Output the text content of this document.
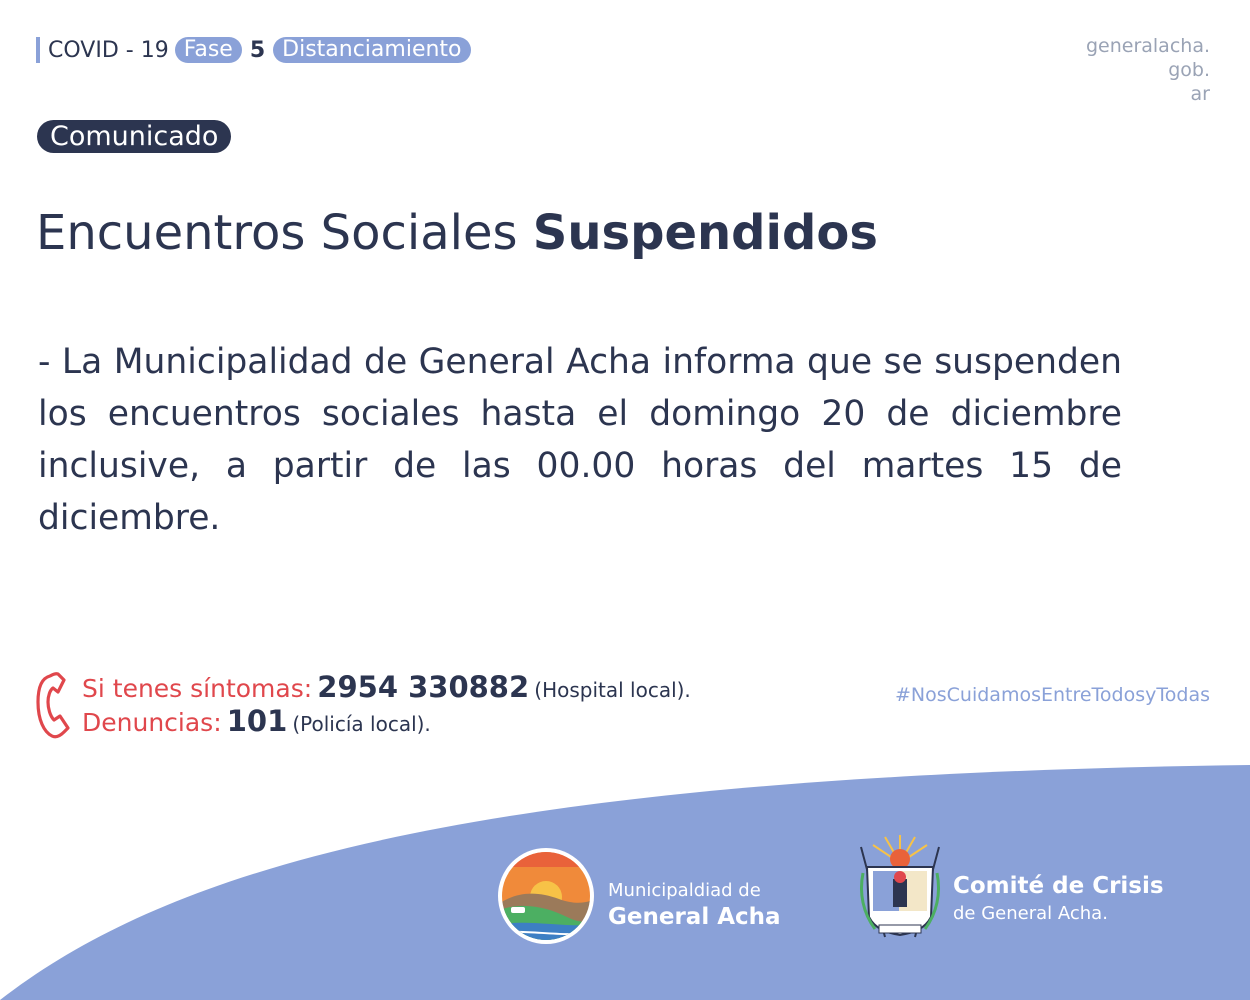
COVID - 19 Fase 5 Distanciamiento	generalacha.
gob.
ar
Comunicado
Encuentros Sociales Suspendidos
- La Municipalidad de General Acha informa que se suspenden los encuentros sociales hasta el domingo 20 de diciembre inclusive, a partir de las 00.00 horas del martes 15 de diciembre.
Si tenes síntomas: 2954 330882 (Hospital local).
Denuncias: 101 (Policía local).
#NosCuidamosEntreTodosyTodas
Municipaldiad de
General Acha
Comité de Crisis
de General Acha.
